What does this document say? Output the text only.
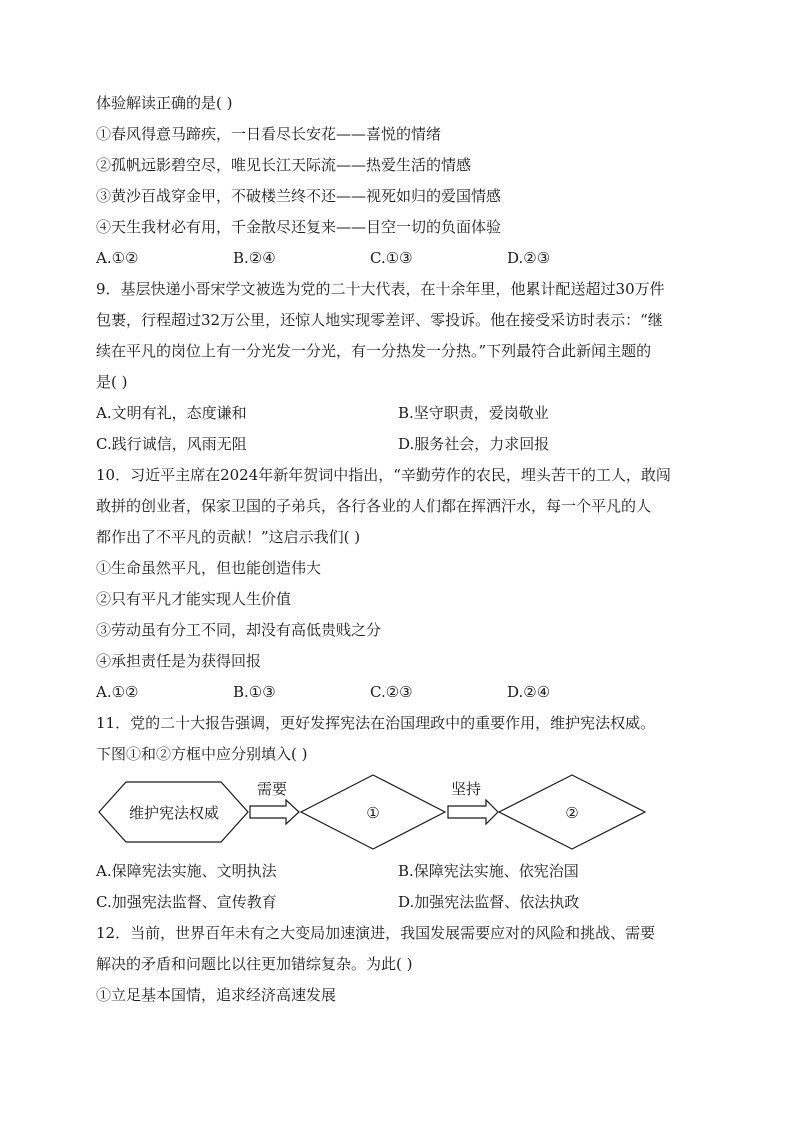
体验解读正确的是( )
①春风得意马蹄疾，一日看尽长安花——喜悦的情绪
②孤帆远影碧空尽，唯见长江天际流——热爱生活的情感
③黄沙百战穿金甲，不破楼兰终不还——视死如归的爱国情感
④天生我材必有用，千金散尽还复来——目空一切的负面体验
A.①②	B.②④	C.①③	D.②③
9．基层快递小哥宋学文被选为党的二十大代表，在十余年里，他累计配送超过30万件
包裹，行程超过32万公里，还惊人地实现零差评、零投诉。他在接受采访时表示：“继
续在平凡的岗位上有一分光发一分光，有一分热发一分热。”下列最符合此新闻主题的
是( )
A.文明有礼，态度谦和	B.坚守职责，爱岗敬业
C.践行诚信，风雨无阻	D.服务社会，力求回报
10．习近平主席在2024年新年贺词中指出，“辛勤劳作的农民，埋头苦干的工人，敢闯
敢拼的创业者，保家卫国的子弟兵，各行各业的人们都在挥洒汗水，每一个平凡的人
都作出了不平凡的贡献！”这启示我们( )
①生命虽然平凡，但也能创造伟大
②只有平凡才能实现人生价值
③劳动虽有分工不同，却没有高低贵贱之分
④承担责任是为获得回报
A.①②	B.①③	C.②③	D.②④
11．党的二十大报告强调，更好发挥宪法在治国理政中的重要作用，维护宪法权威。
下图①和②方框中应分别填入( )
维护宪法权威
需要
①
坚持
②
A.保障宪法实施、文明执法	B.保障宪法实施、依宪治国
C.加强宪法监督、宣传教育	D.加强宪法监督、依法执政
12．当前，世界百年未有之大变局加速演进，我国发展需要应对的风险和挑战、需要
解决的矛盾和问题比以往更加错综复杂。为此( )
①立足基本国情，追求经济高速发展
